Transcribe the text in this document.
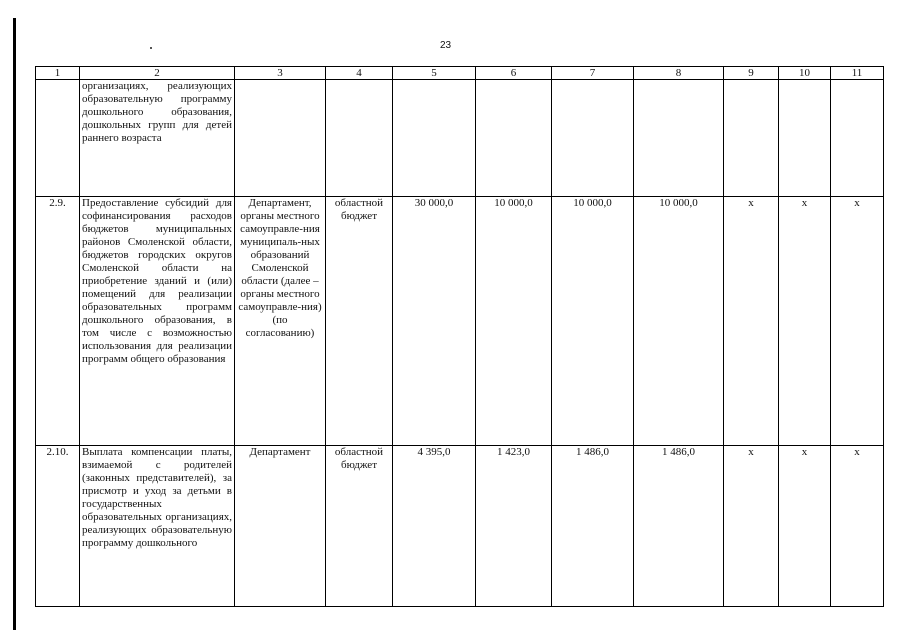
23
1	2	3	4	5	6	7	8	9	10	11
	организациях, реализующих образовательную программу дошкольного образования, дошкольных групп для детей раннего возраста									
2.9.	Предоставление субсидий для софинансирования расходов бюджетов муниципальных районов Смоленской области, бюджетов городских округов Смоленской области на приобретение зданий и (или) помещений для реализации образовательных программ дошкольного образования, в том числе с возможностью использования для реализации программ общего образования	Департамент, органы местного самоуправле-ния муниципаль-ных образований Смоленской области (далее – органы местного самоуправле-ния) (по согласованию)	областной бюджет	30 000,0	10 000,0	10 000,0	10 000,0	х	х	х
2.10.	Выплата компенсации платы, взимаемой с родителей (законных представителей), за присмотр и уход за детьми в государственных образовательных организациях, реализующих образовательную программу дошкольного	Департамент	областной бюджет	4 395,0	1 423,0	1 486,0	1 486,0	х	х	х
